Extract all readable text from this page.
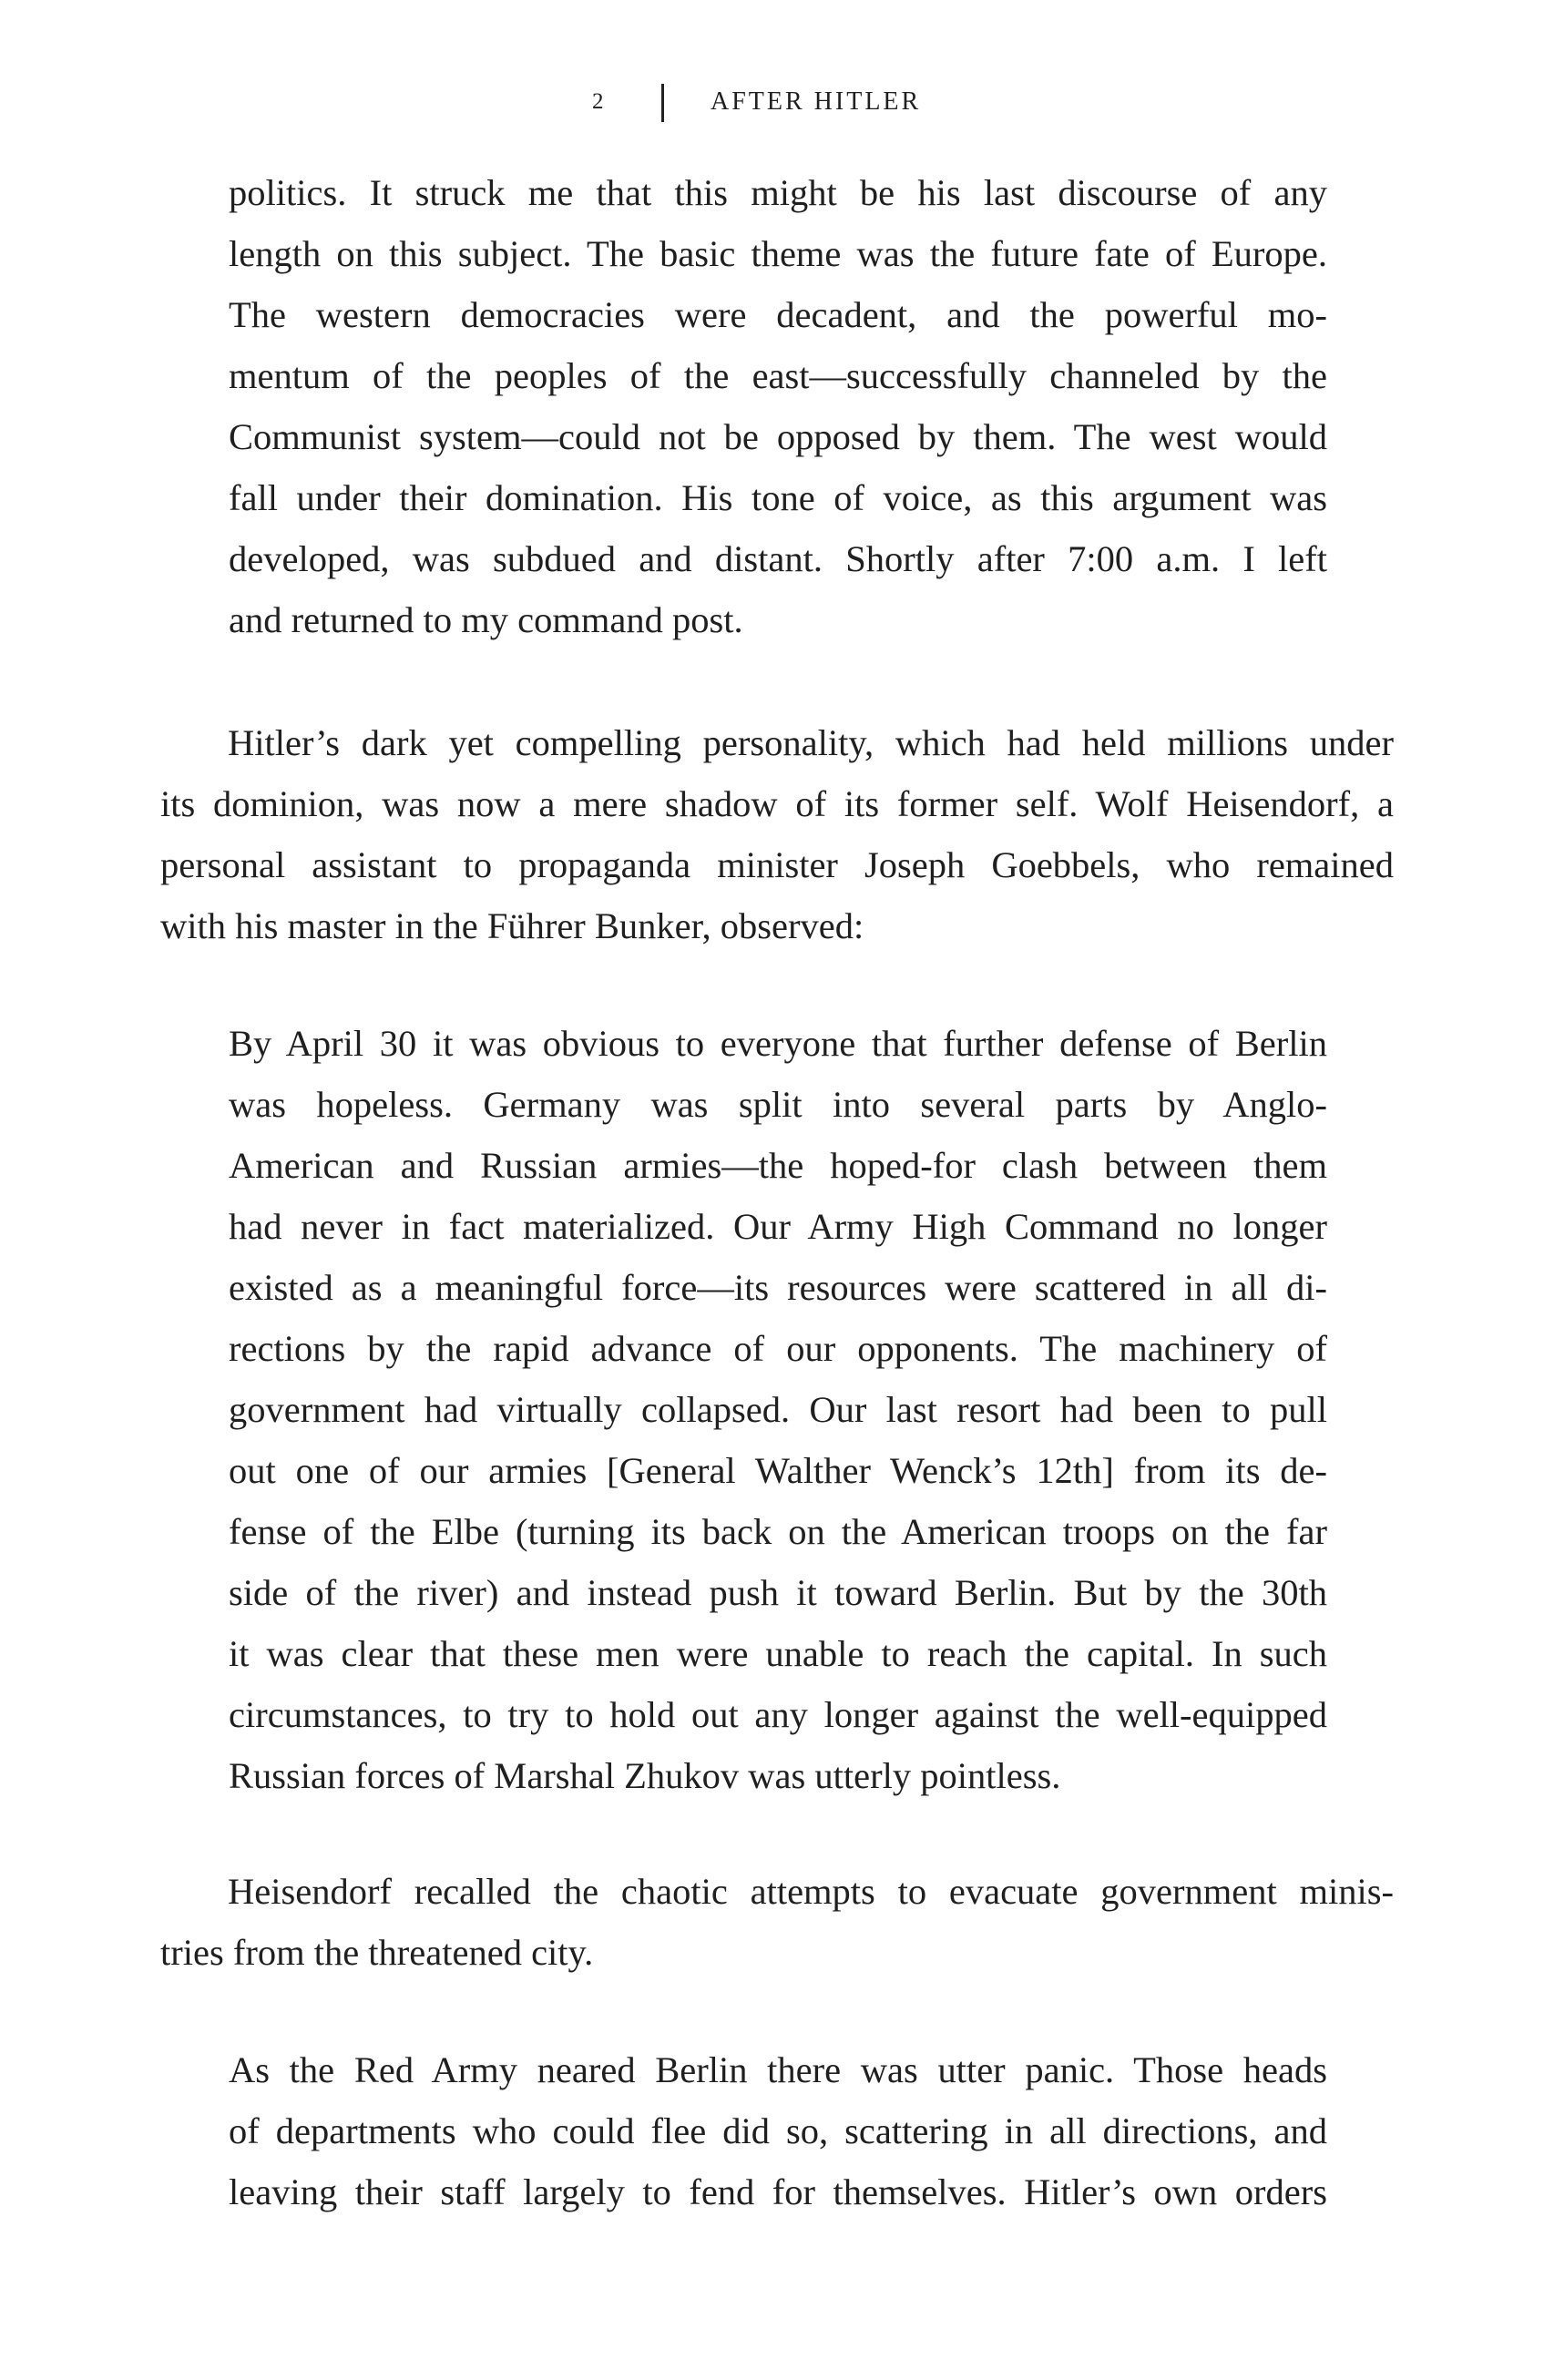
2	AFTER HITLER
politics. It struck me that this might be his last discourse of any
length on this subject. The basic theme was the future fate of Europe.
The western democracies were decadent, and the powerful mo-
mentum of the peoples of the east—successfully channeled by the
Communist system—could not be opposed by them. The west would
fall under their domination. His tone of voice, as this argument was
developed, was subdued and distant. Shortly after 7:00 a.m. I left
and returned to my command post.
Hitler’s dark yet compelling personality, which had held millions under
its dominion, was now a mere shadow of its former self. Wolf Heisendorf, a
personal assistant to propaganda minister Joseph Goebbels, who remained
with his master in the Führer Bunker, observed:
By April 30 it was obvious to everyone that further defense of Berlin
was hopeless. Germany was split into several parts by Anglo-
American and Russian armies—the hoped-for clash between them
had never in fact materialized. Our Army High Command no longer
existed as a meaningful force—its resources were scattered in all di-
rections by the rapid advance of our opponents. The machinery of
government had virtually collapsed. Our last resort had been to pull
out one of our armies [General Walther Wenck’s 12th] from its de-
fense of the Elbe (turning its back on the American troops on the far
side of the river) and instead push it toward Berlin. But by the 30th
it was clear that these men were unable to reach the capital. In such
circumstances, to try to hold out any longer against the well-equipped
Russian forces of Marshal Zhukov was utterly pointless.
Heisendorf recalled the chaotic attempts to evacuate government minis-
tries from the threatened city.
As the Red Army neared Berlin there was utter panic. Those heads
of departments who could flee did so, scattering in all directions, and
leaving their staff largely to fend for themselves. Hitler’s own orders
